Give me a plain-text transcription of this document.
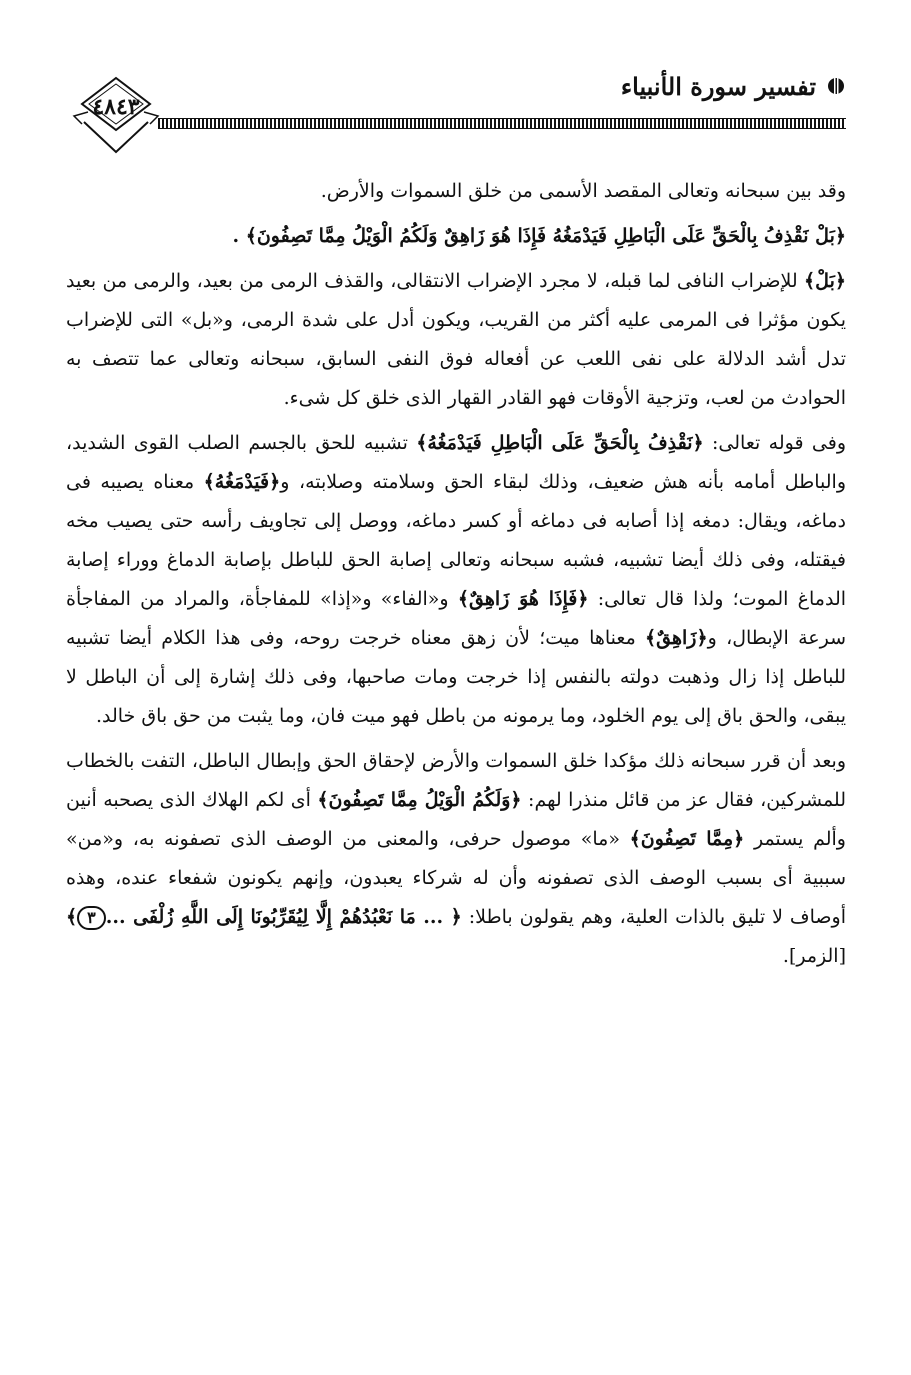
تفسير سورة الأنبياء
٤٨٤٣

وقد بين سبحانه وتعالى المقصد الأسمى من خلق السموات والأرض.

﴿بَلْ نَقْذِفُ بِالْحَقِّ عَلَى الْبَاطِلِ فَيَدْمَغُهُ فَإِذَا هُوَ زَاهِقٌ وَلَكُمُ الْوَيْلُ مِمَّا تَصِفُونَ﴾ .

﴿بَلْ﴾ للإضراب النافى لما قبله، لا مجرد الإضراب الانتقالى، والقذف الرمى من بعيد، والرمى من بعيد يكون مؤثرا فى المرمى عليه أكثر من القريب، ويكون أدل على شدة الرمى، و«بل» التى للإضراب تدل أشد الدلالة على نفى اللعب عن أفعاله فوق النفى السابق، سبحانه وتعالى عما تتصف به الحوادث من لعب، وتزجية الأوقات فهو القادر القهار الذى خلق كل شىء.

وفى قوله تعالى: ﴿نَقْذِفُ بِالْحَقِّ عَلَى الْبَاطِلِ فَيَدْمَغُهُ﴾ تشبيه للحق بالجسم الصلب القوى الشديد، والباطل أمامه بأنه هش ضعيف، وذلك لبقاء الحق وسلامته وصلابته، و﴿فَيَدْمَغُهُ﴾ معناه يصيبه فى دماغه، ويقال: دمغه إذا أصابه فى دماغه أو كسر دماغه، ووصل إلى تجاويف رأسه حتى يصيب مخه فيقتله، وفى ذلك أيضا تشبيه، فشبه سبحانه وتعالى إصابة الحق للباطل بإصابة الدماغ ووراء إصابة الدماغ الموت؛ ولذا قال تعالى: ﴿فَإِذَا هُوَ زَاهِقٌ﴾ و«الفاء» و«إذا» للمفاجأة، والمراد من المفاجأة سرعة الإبطال، و﴿زَاهِقٌ﴾ معناها ميت؛ لأن زهق معناه خرجت روحه، وفى هذا الكلام أيضا تشبيه للباطل إذا زال وذهبت دولته بالنفس إذا خرجت ومات صاحبها، وفى ذلك إشارة إلى أن الباطل لا يبقى، والحق باق إلى يوم الخلود، وما يرمونه من باطل فهو ميت فان، وما يثبت من حق باق خالد.

وبعد أن قرر سبحانه ذلك مؤكدا خلق السموات والأرض لإحقاق الحق وإبطال الباطل، التفت بالخطاب للمشركين، فقال عز من قائل منذرا لهم: ﴿وَلَكُمُ الْوَيْلُ مِمَّا تَصِفُونَ﴾ أى لكم الهلاك الذى يصحبه أنين وألم يستمر ﴿مِمَّا تَصِفُونَ﴾ «ما» موصول حرفى، والمعنى من الوصف الذى تصفونه به، و«من» سببية أى بسبب الوصف الذى تصفونه وأن له شركاء يعبدون، وإنهم يكونون شفعاء عنده، وهذه أوصاف لا تليق بالذات العلية، وهم يقولون باطلا: ﴿ ... مَا نَعْبُدُهُمْ إِلَّا لِيُقَرِّبُونَا إِلَى اللَّهِ زُلْفَى ...٣﴾ [الزمر].
